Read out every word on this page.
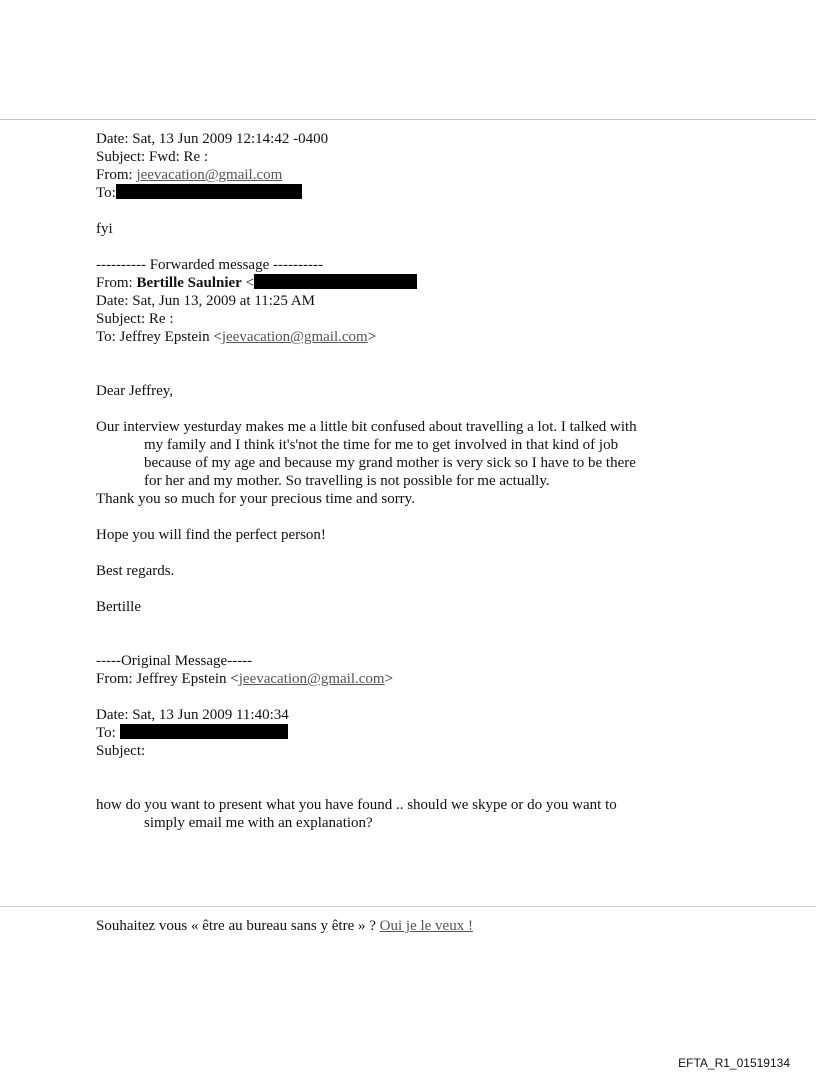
Date: Sat, 13 Jun 2009 12:14:42 -0400
Subject: Fwd: Re :
From: jeevacation@gmail.com
To:
fyi
---------- Forwarded message ----------
From: Bertille Saulnier <
Date: Sat, Jun 13, 2009 at 11:25 AM
Subject: Re :
To: Jeffrey Epstein <jeevacation@gmail.com>
Dear Jeffrey,
Our interview yesturday makes me a little bit confused about travelling a lot. I talked with
my family and I think it's'not the time for me to get involved in that kind of job
because of my age and because my grand mother is very sick so I have to be there
for her and my mother. So travelling is not possible for me actually.
Thank you so much for your precious time and sorry.
Hope you will find the perfect person!
Best regards.
Bertille
-----Original Message-----
From: Jeffrey Epstein <jeevacation@gmail.com>
Date: Sat, 13 Jun 2009 11:40:34
To:
Subject:
how do you want to present what you have found .. should we skype or do you want to
simply email me with an explanation?
Souhaitez vous « être au bureau sans y être » ? Oui je le veux !
EFTA_R1_01519134
